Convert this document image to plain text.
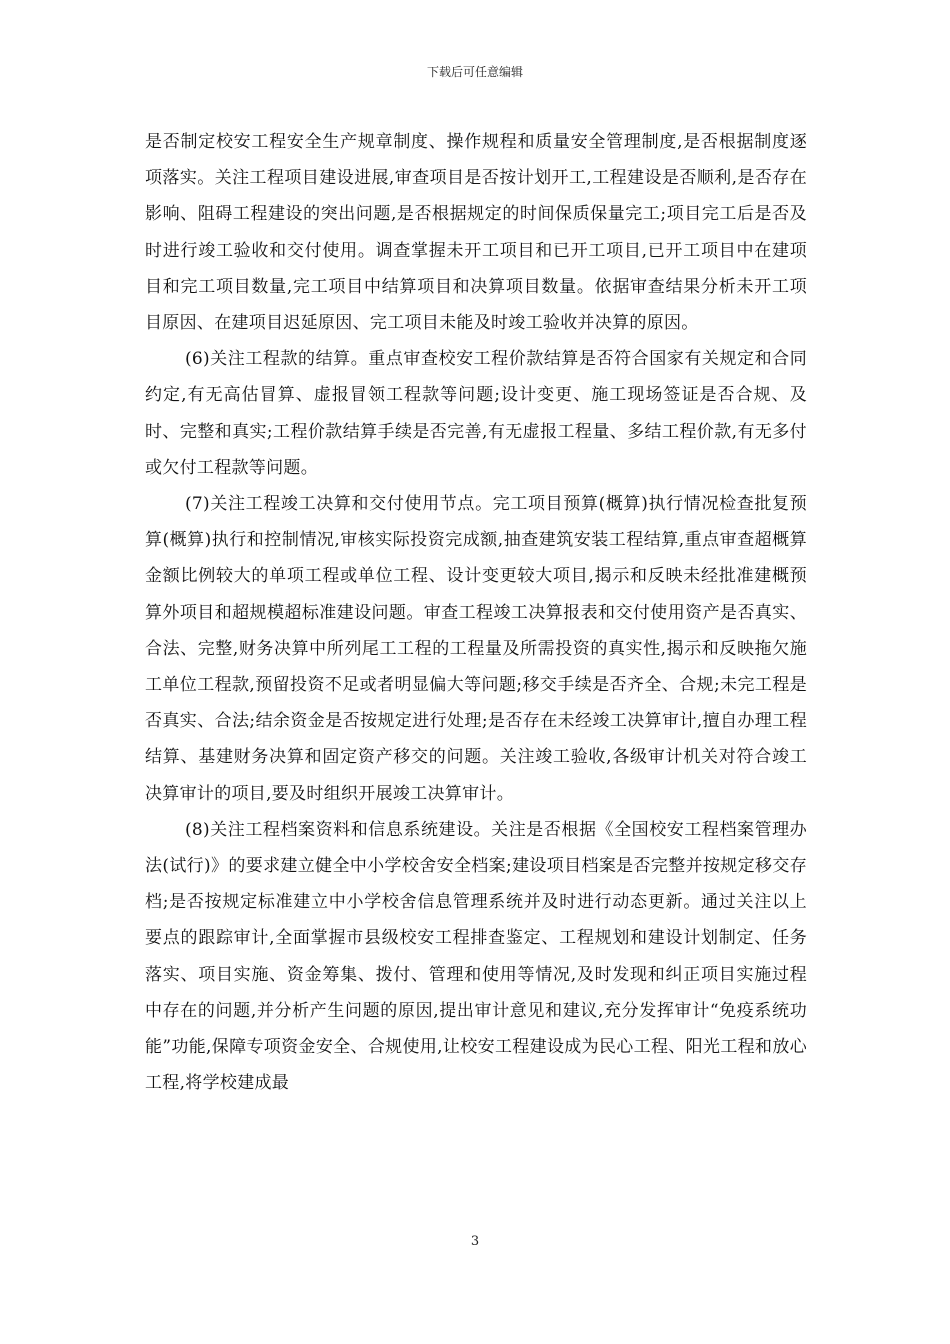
下载后可任意编辑

是否制定校安工程安全生产规章制度、操作规程和质量安全管理制度,是否根据制度逐项落实。关注工程项目建设进展,审查项目是否按计划开工,工程建设是否顺利,是否存在影响、阻碍工程建设的突出问题,是否根据规定的时间保质保量完工;项目完工后是否及时进行竣工验收和交付使用。调查掌握未开工项目和已开工项目,已开工项目中在建项目和完工项目数量,完工项目中结算项目和决算项目数量。依据审查结果分析未开工项目原因、在建项目迟延原因、完工项目未能及时竣工验收并决算的原因。

(6)关注工程款的结算。重点审查校安工程价款结算是否符合国家有关规定和合同约定,有无高估冒算、虚报冒领工程款等问题;设计变更、施工现场签证是否合规、及时、完整和真实;工程价款结算手续是否完善,有无虚报工程量、多结工程价款,有无多付或欠付工程款等问题。

(7)关注工程竣工决算和交付使用节点。完工项目预算(概算)执行情况检查批复预算(概算)执行和控制情况,审核实际投资完成额,抽查建筑安装工程结算,重点审查超概算金额比例较大的单项工程或单位工程、设计变更较大项目,揭示和反映未经批准建概预算外项目和超规模超标准建设问题。审查工程竣工决算报表和交付使用资产是否真实、合法、完整,财务决算中所列尾工工程的工程量及所需投资的真实性,揭示和反映拖欠施工单位工程款,预留投资不足或者明显偏大等问题;移交手续是否齐全、合规;未完工程是否真实、合法;结余资金是否按规定进行处理;是否存在未经竣工决算审计,擅自办理工程结算、基建财务决算和固定资产移交的问题。关注竣工验收,各级审计机关对符合竣工决算审计的项目,要及时组织开展竣工决算审计。

(8)关注工程档案资料和信息系统建设。关注是否根据《全国校安工程档案管理办法(试行)》的要求建立健全中小学校舍安全档案;建设项目档案是否完整并按规定移交存档;是否按规定标准建立中小学校舍信息管理系统并及时进行动态更新。通过关注以上要点的跟踪审计,全面掌握市县级校安工程排查鉴定、工程规划和建设计划制定、任务落实、项目实施、资金筹集、拨付、管理和使用等情况,及时发现和纠正项目实施过程中存在的问题,并分析产生问题的原因,提出审计意见和建议,充分发挥审计“免疫系统功能”功能,保障专项资金安全、合规使用,让校安工程建设成为民心工程、阳光工程和放心工程,将学校建成最

3
